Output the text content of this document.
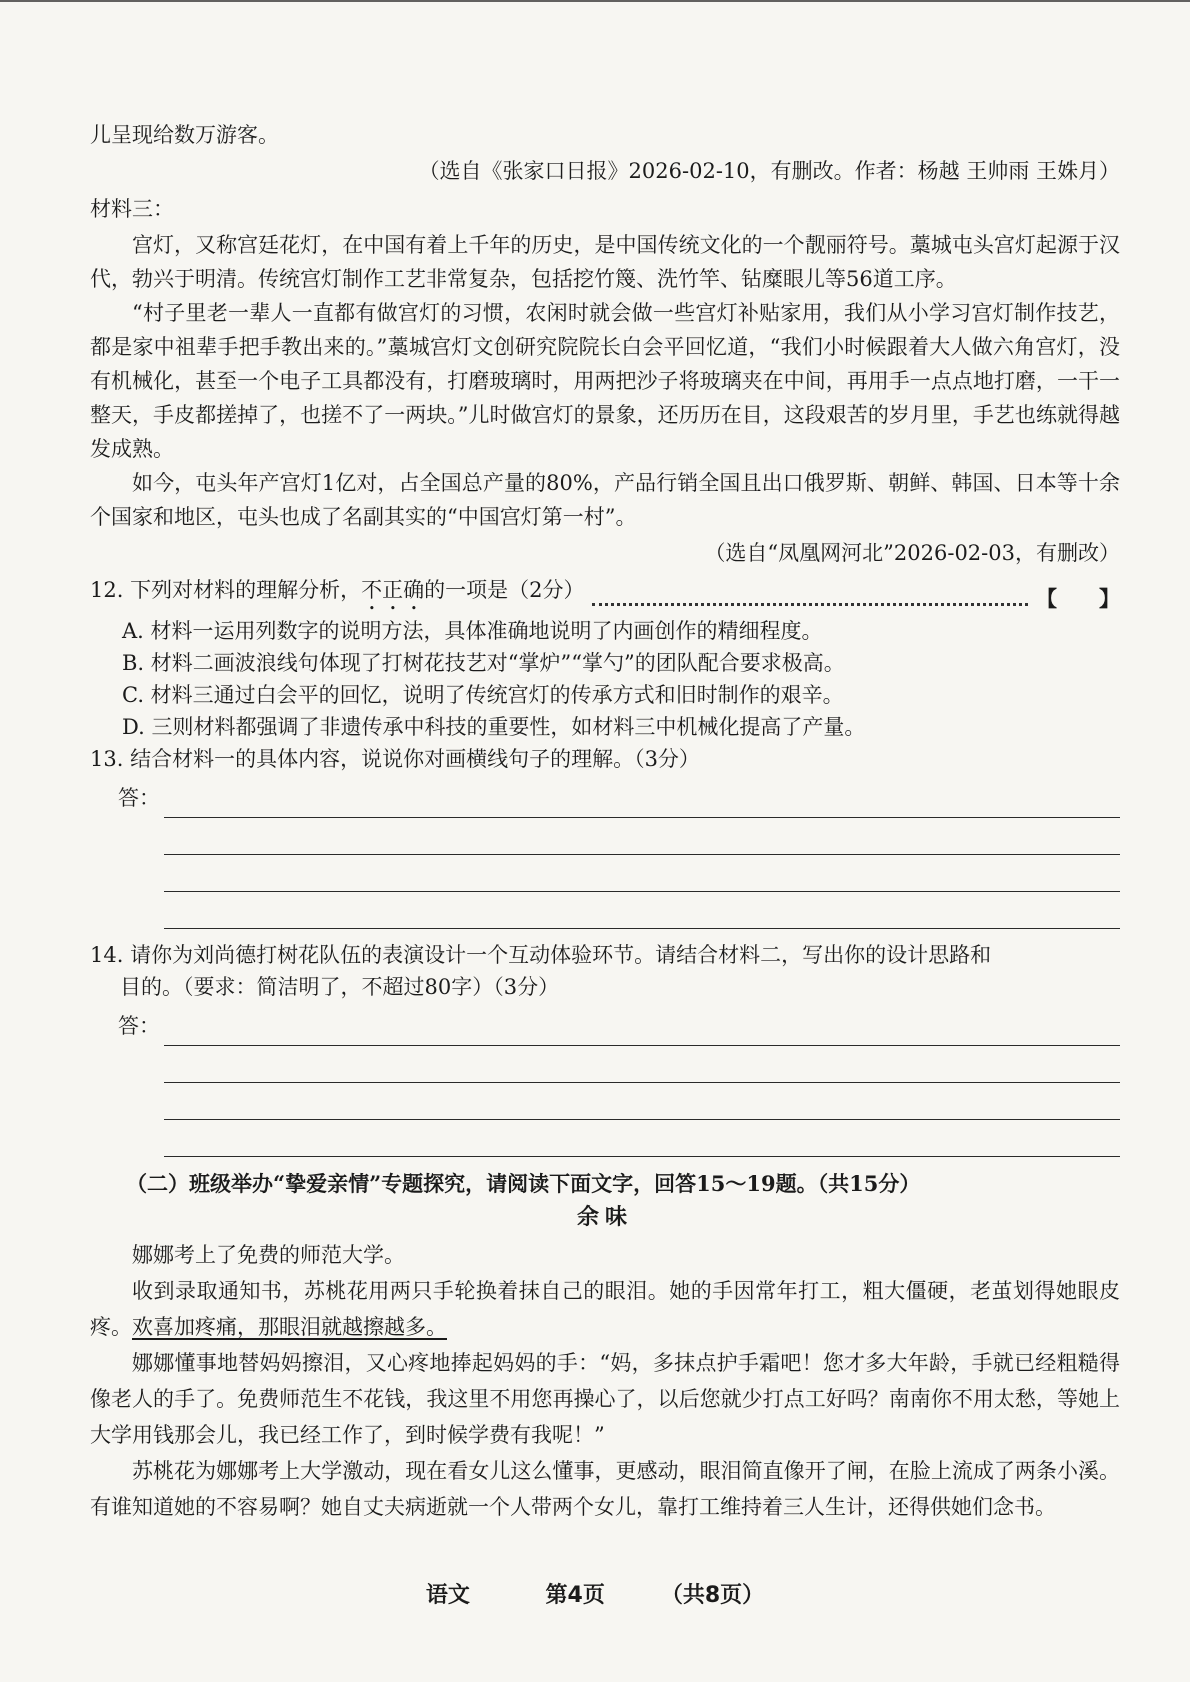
儿呈现给数万游客。

（选自《张家口日报》2026-02-10，有删改。作者：杨越 王帅雨 王姝月）

材料三：

宫灯，又称宫廷花灯，在中国有着上千年的历史，是中国传统文化的一个靓丽符号。藁城屯头宫灯起源于汉代，勃兴于明清。传统宫灯制作工艺非常复杂，包括挖竹篾、洗竹竿、钻糜眼儿等56道工序。

“村子里老一辈人一直都有做宫灯的习惯，农闲时就会做一些宫灯补贴家用，我们从小学习宫灯制作技艺，都是家中祖辈手把手教出来的。”藁城宫灯文创研究院院长白会平回忆道，“我们小时候跟着大人做六角宫灯，没有机械化，甚至一个电子工具都没有，打磨玻璃时，用两把沙子将玻璃夹在中间，再用手一点点地打磨，一干一整天，手皮都搓掉了，也搓不了一两块。”儿时做宫灯的景象，还历历在目，这段艰苦的岁月里，手艺也练就得越发成熟。

如今，屯头年产宫灯1亿对，占全国总产量的80%，产品行销全国且出口俄罗斯、朝鲜、韩国、日本等十余个国家和地区，屯头也成了名副其实的“中国宫灯第一村”。

（选自“凤凰网河北”2026-02-03，有删改）

12. 下列对材料的理解分析，不正确的一项是（2分）	【　　】

A. 材料一运用列数字的说明方法，具体准确地说明了内画创作的精细程度。

B. 材料二画波浪线句体现了打树花技艺对“掌炉”“掌勺”的团队配合要求极高。

C. 材料三通过白会平的回忆，说明了传统宫灯的传承方式和旧时制作的艰辛。

D. 三则材料都强调了非遗传承中科技的重要性，如材料三中机械化提高了产量。

13. 结合材料一的具体内容，说说你对画横线句子的理解。（3分）

答：

14. 请你为刘尚德打树花队伍的表演设计一个互动体验环节。请结合材料二，写出你的设计思路和

目的。（要求：简洁明了，不超过80字）（3分）

答：

（二）班级举办“挚爱亲情”专题探究，请阅读下面文字，回答15～19题。（共15分）

余味

娜娜考上了免费的师范大学。

收到录取通知书，苏桃花用两只手轮换着抹自己的眼泪。她的手因常年打工，粗大僵硬，老茧划得她眼皮疼。欢喜加疼痛，那眼泪就越擦越多。

娜娜懂事地替妈妈擦泪，又心疼地捧起妈妈的手：“妈，多抹点护手霜吧！您才多大年龄，手就已经粗糙得像老人的手了。免费师范生不花钱，我这里不用您再操心了，以后您就少打点工好吗？南南你不用太愁，等她上大学用钱那会儿，我已经工作了，到时候学费有我呢！”

苏桃花为娜娜考上大学激动，现在看女儿这么懂事，更感动，眼泪简直像开了闸，在脸上流成了两条小溪。有谁知道她的不容易啊？她自丈夫病逝就一个人带两个女儿，靠打工维持着三人生计，还得供她们念书。

语文	第4页	（共8页）
